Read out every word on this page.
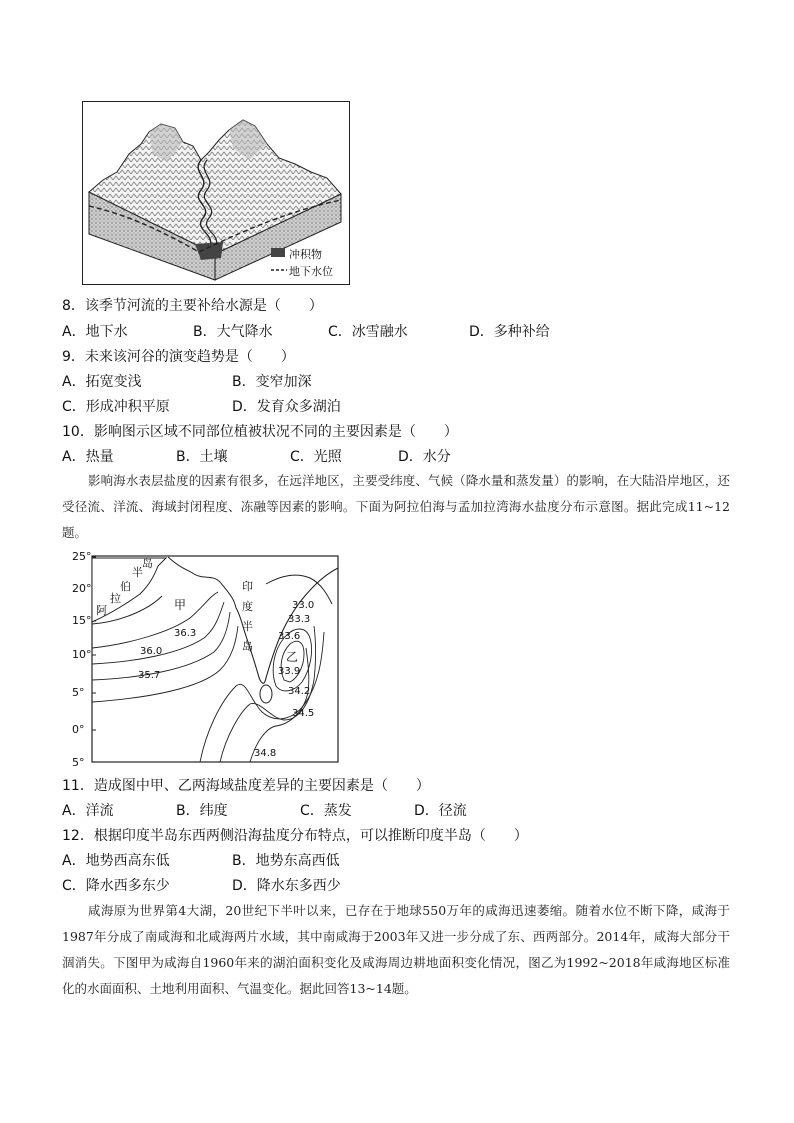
冲积物
地下水位
8．该季节河流的主要补给水源是（　　）
A．地下水	B．大气降水	C．冰雪融水	D．多种补给
9．未来该河谷的演变趋势是（　　）
A．拓宽变浅	B．变窄加深
C．形成冲积平原	D．发育众多湖泊
10．影响图示区域不同部位植被状况不同的主要因素是（　　）
A．热量	B．土壤	C．光照	D．水分

影响海水表层盐度的因素有很多，在远洋地区，主要受纬度、气候（降水量和蒸发量）的影响，在大陆沿岸地区，还受径流、洋流、海域封闭程度、冻融等因素的影响。下面为阿拉伯海与孟加拉湾海水盐度分布示意图。据此完成11~12题。

25°
20°
15°
10°
5°
0°
5°
半
岛
伯
拉
阿	甲
乙
印
度
半
岛
36.3
36.0
35.7
33.0
33.3
33.6
33.9
34.2
34.5
34.8
11．造成图中甲、乙两海域盐度差异的主要因素是（　　）
A．洋流	B．纬度	C．蒸发	D．径流
12．根据印度半岛东西两侧沿海盐度分布特点，可以推断印度半岛（　　）
A．地势西高东低	B．地势东高西低
C．降水西多东少	D．降水东多西少

咸海原为世界第4大湖，20世纪下半叶以来，已存在于地球550万年的咸海迅速萎缩。随着水位不断下降，咸海于1987年分成了南咸海和北咸海两片水域，其中南咸海于2003年又进一步分成了东、西两部分。2014年，咸海大部分干涸消失。下图甲为咸海自1960年来的湖泊面积变化及咸海周边耕地面积变化情况，图乙为1992~2018年咸海地区标准化的水面面积、土地利用面积、气温变化。据此回答13~14题。
